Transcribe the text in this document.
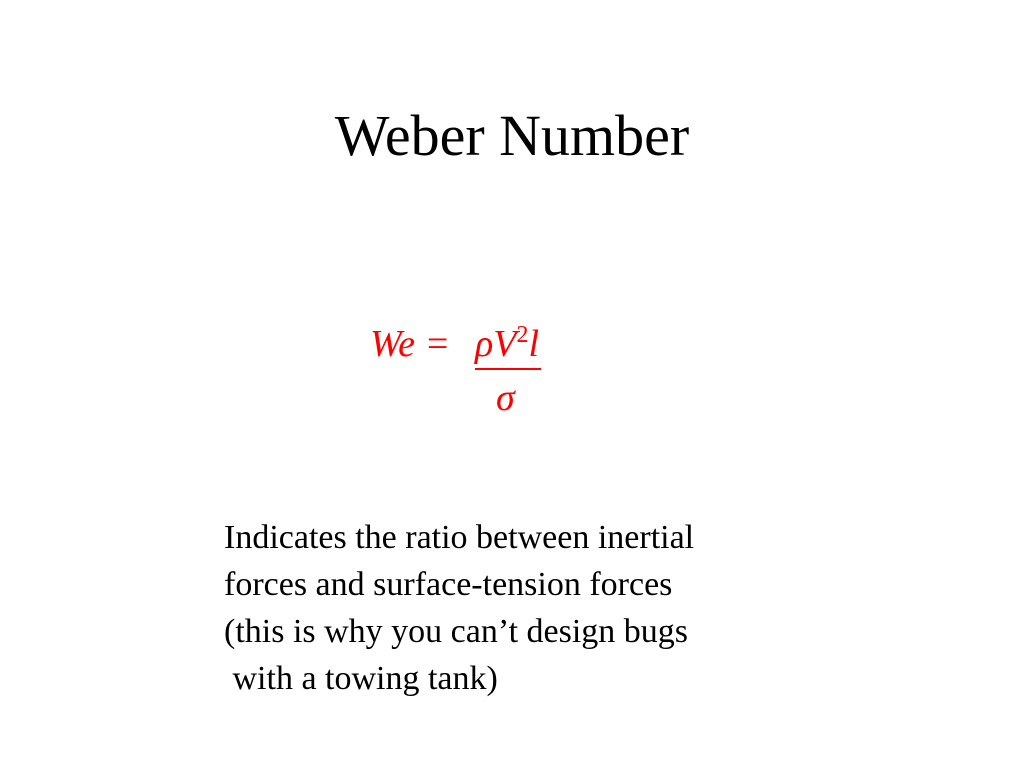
Weber Number
$We = \rho V^2l$
σ
Indicates the ratio between inertial
forces and surface-tension forces
(this is why you can’t design bugs
with a towing tank)
